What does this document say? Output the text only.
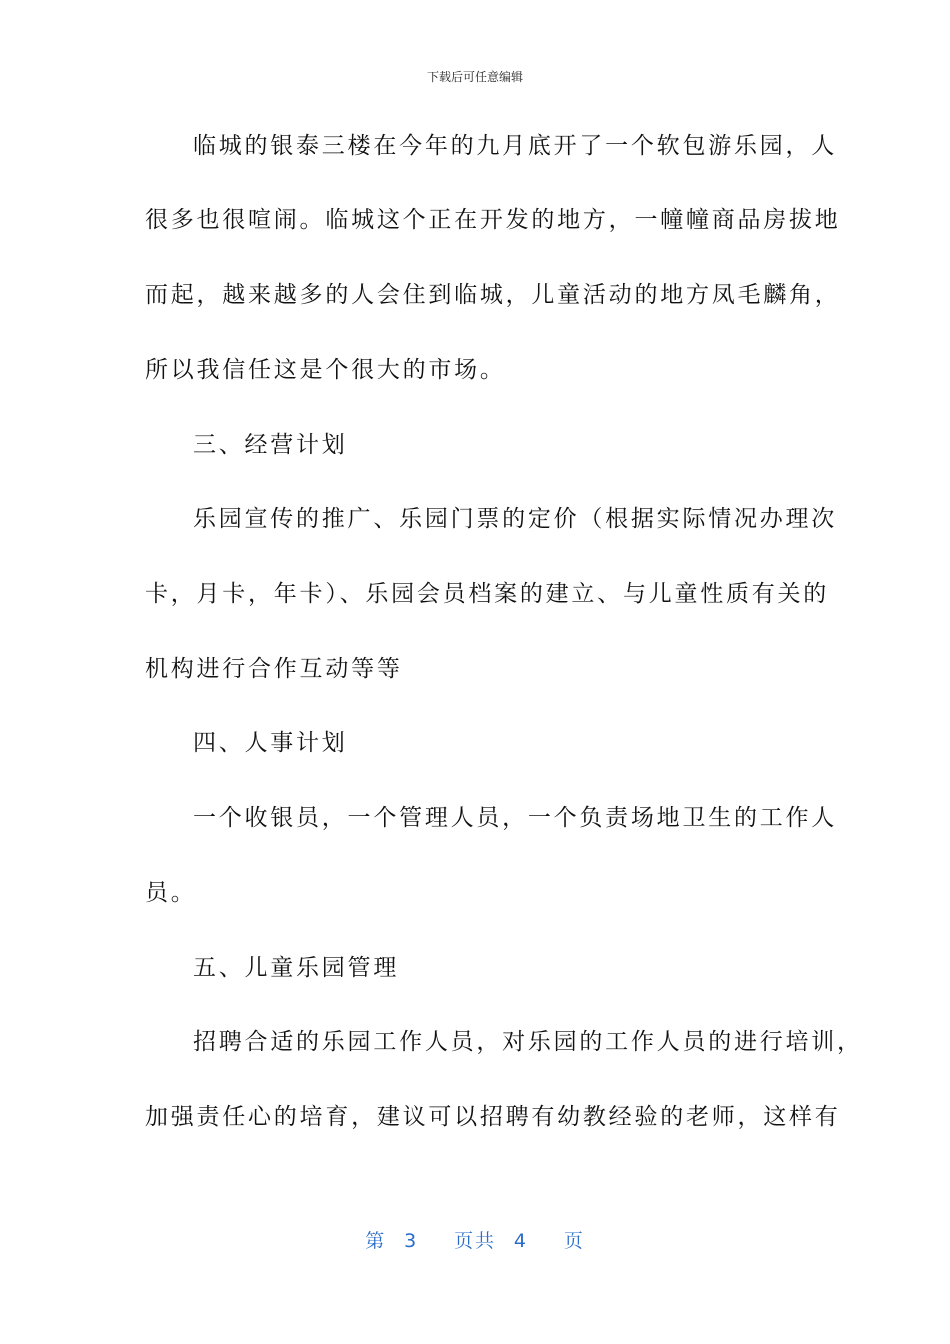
下载后可任意编辑
临城的银泰三楼在今年的九月底开了一个软包游乐园，人
很多也很喧闹。临城这个正在开发的地方，一幢幢商品房拔地
而起，越来越多的人会住到临城，儿童活动的地方凤毛麟角，
所以我信任这是个很大的市场。
三、经营计划
乐园宣传的推广、乐园门票的定价（根据实际情况办理次
卡，月卡，年卡）、乐园会员档案的建立、与儿童性质有关的
机构进行合作互动等等
四、人事计划
一个收银员，一个管理人员，一个负责场地卫生的工作人
员。
五、儿童乐园管理
招聘合适的乐园工作人员，对乐园的工作人员的进行培训，
加强责任心的培育，建议可以招聘有幼教经验的老师，这样有
第 3 页共 4 页
